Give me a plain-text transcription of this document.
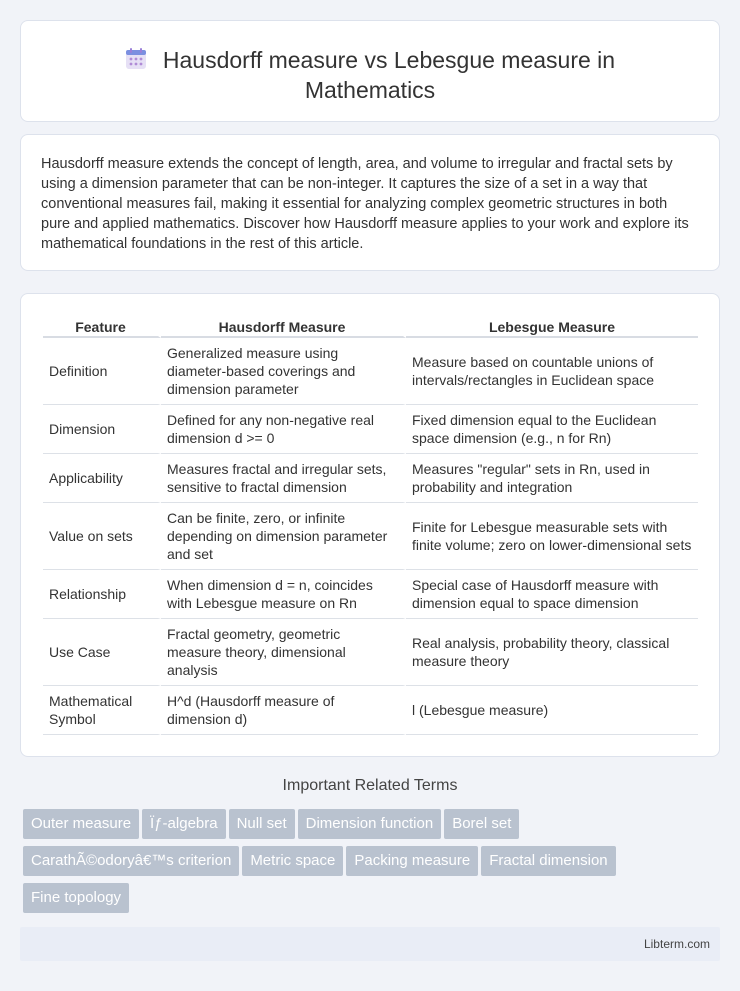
Hausdorff measure vs Lebesgue measure in
Mathematics

Hausdorff measure extends the concept of length, area, and volume to irregular and fractal sets by using a dimension parameter that can be non-integer. It captures the size of a set in a way that conventional measures fail, making it essential for analyzing complex geometric structures in both pure and applied mathematics. Discover how Hausdorff measure applies to your work and explore its mathematical foundations in the rest of this article.

Feature	Hausdorff Measure	Lebesgue Measure
Definition	Generalized measure using diameter-based coverings and dimension parameter	Measure based on countable unions of intervals/rectangles in Euclidean space
Dimension	Defined for any non-negative real dimension d >= 0	Fixed dimension equal to the Euclidean space dimension (e.g., n for Rn)
Applicability	Measures fractal and irregular sets, sensitive to fractal dimension	Measures "regular" sets in Rn, used in probability and integration
Value on sets	Can be finite, zero, or infinite depending on dimension parameter and set	Finite for Lebesgue measurable sets with finite volume; zero on lower-dimensional sets
Relationship	When dimension d = n, coincides with Lebesgue measure on Rn	Special case of Hausdorff measure with dimension equal to space dimension
Use Case	Fractal geometry, geometric measure theory, dimensional analysis	Real analysis, probability theory, classical measure theory
Mathematical Symbol	H^d (Hausdorff measure of dimension d)	l (Lebesgue measure)
Important Related Terms
Outer measure Ïƒ-algebra Null set Dimension function Borel set
CarathÃ©odoryâ€™s criterion Metric space Packing measure Fractal dimension
Fine topology
Libterm.com
